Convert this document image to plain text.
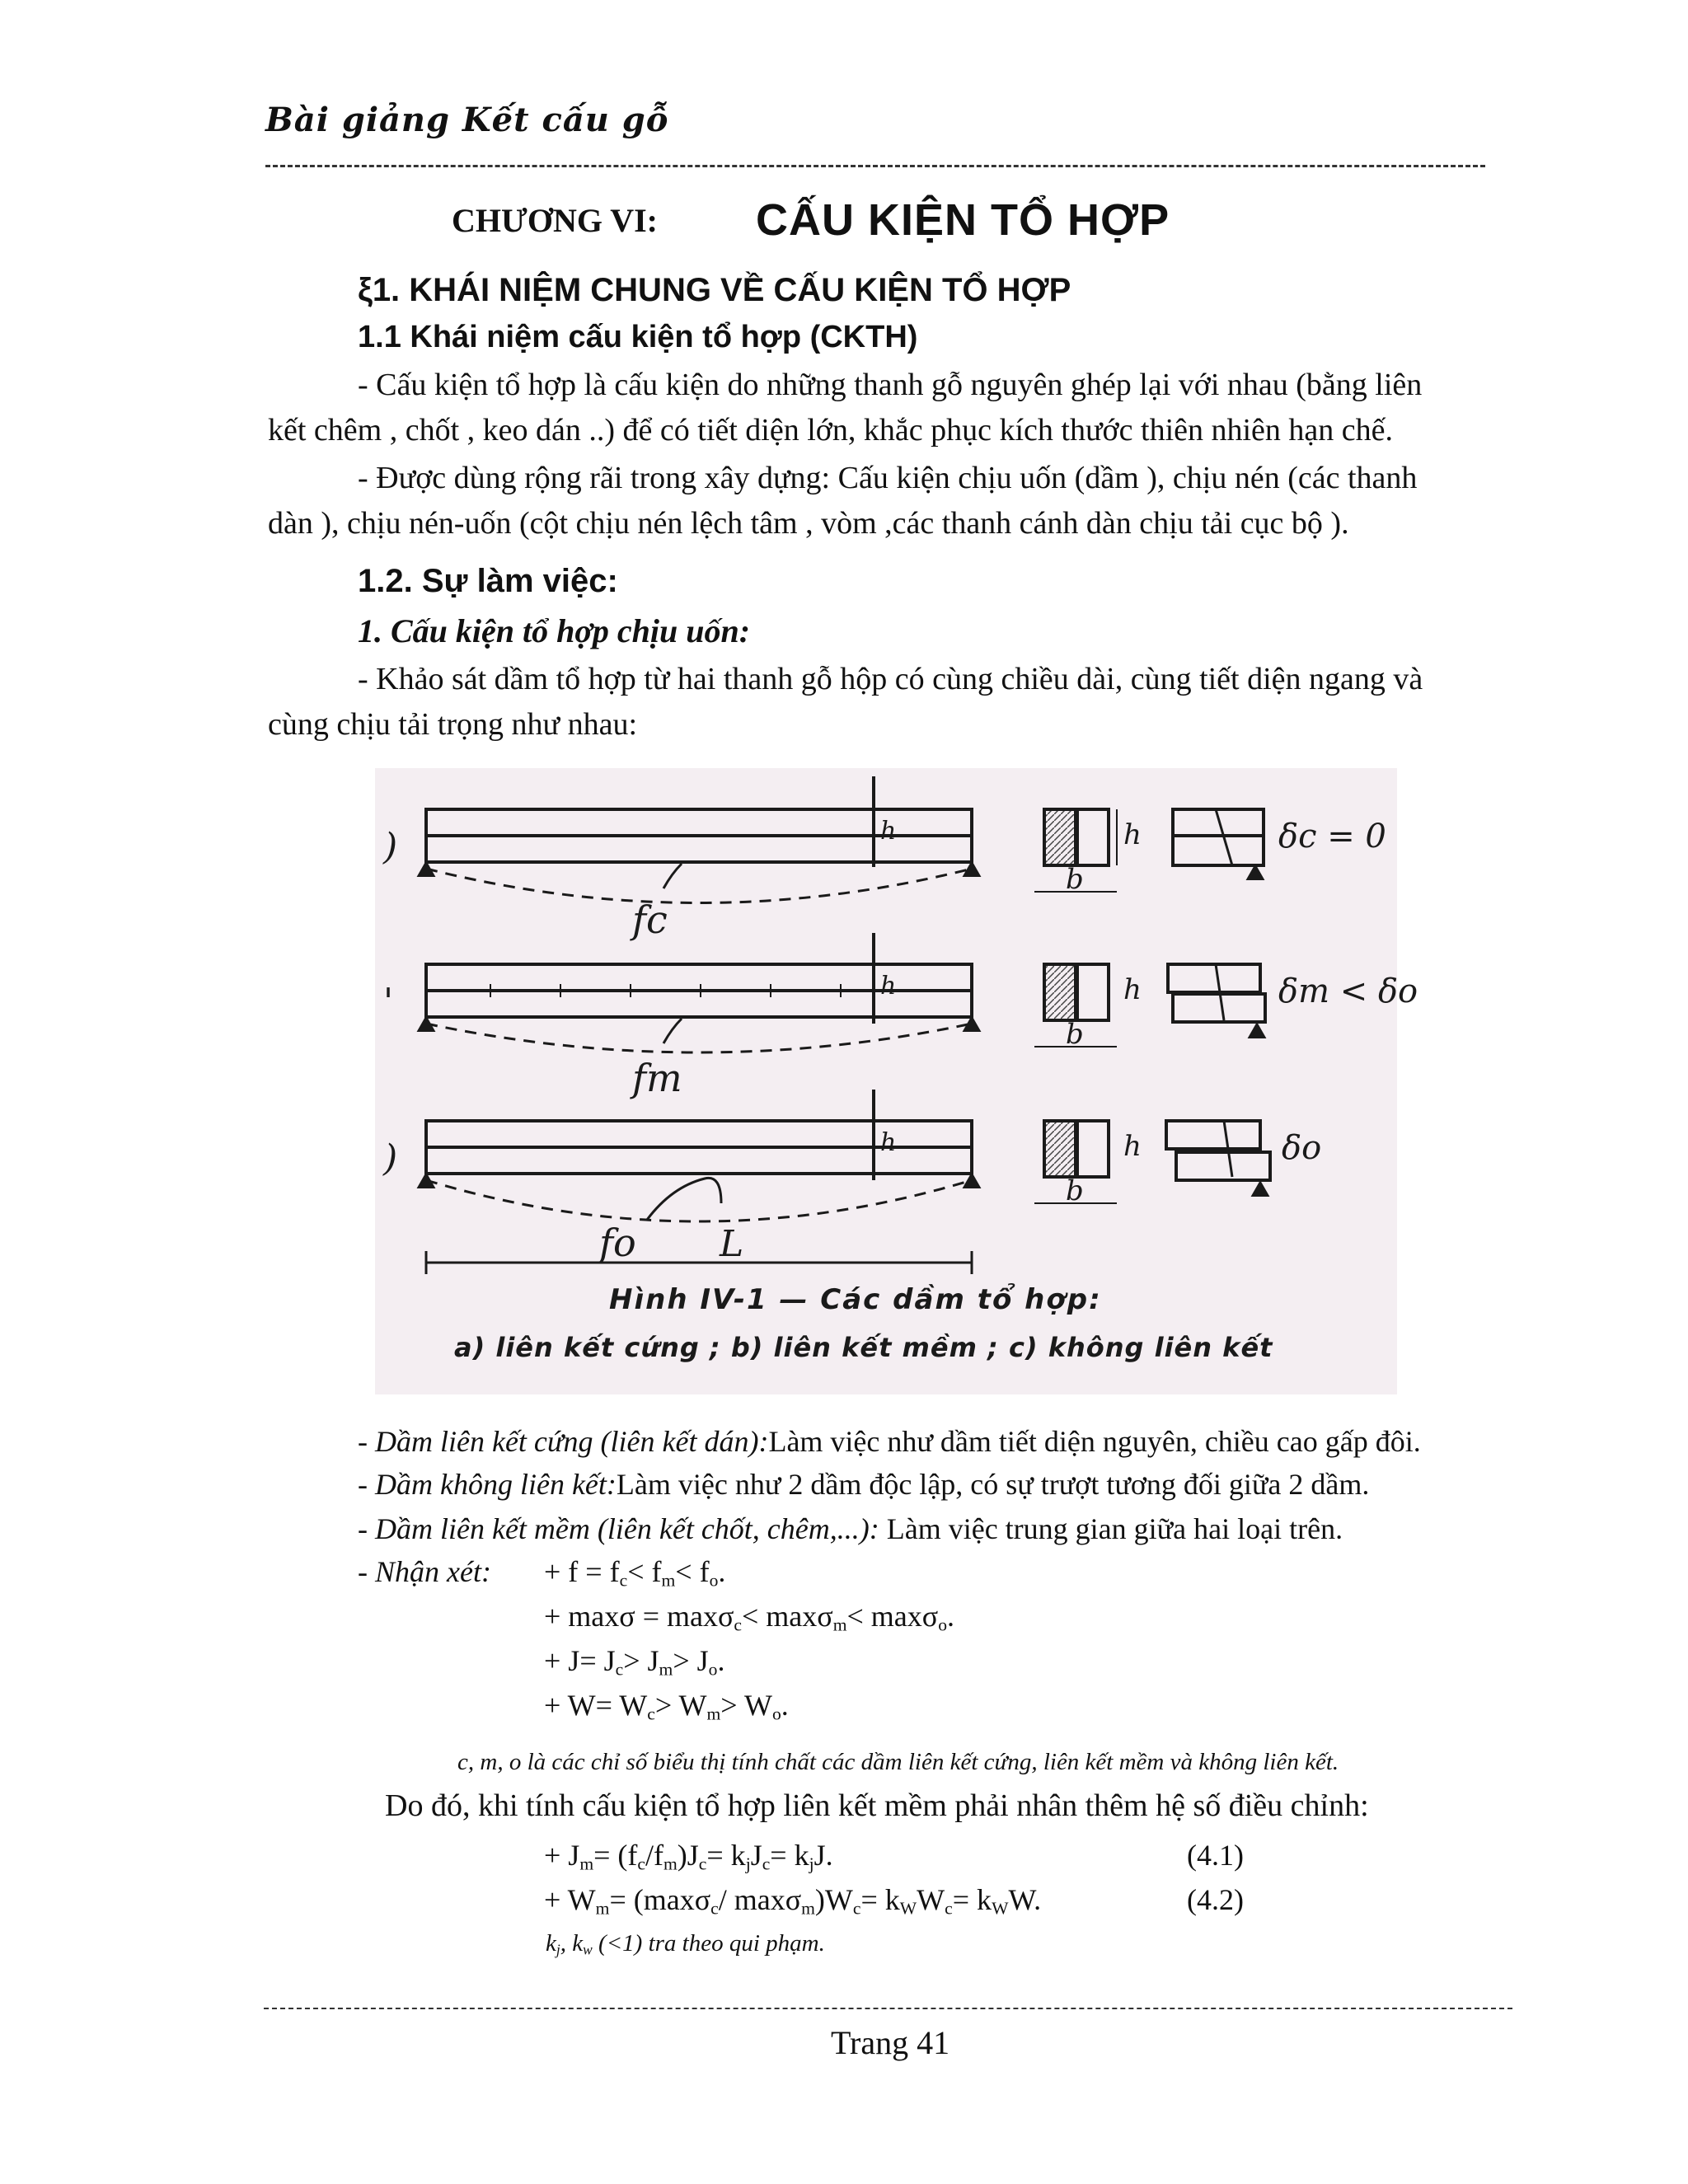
Bài giảng Kết cấu gỗ
CHƯƠNG VI: CẤU KIỆN TỔ HỢP
ξ1. KHÁI NIỆM CHUNG VỀ CẤU KIỆN TỔ HỢP
1.1 Khái niệm cấu kiện tổ hợp (CKTH)
- Cấu kiện tổ hợp là cấu kiện do những thanh gỗ nguyên ghép lại với nhau (bằng liên
kết chêm , chốt , keo dán ..) để có tiết diện lớn, khắc phục kích thước thiên nhiên hạn chế.
- Được dùng rộng rãi trong xây dựng: Cấu kiện chịu uốn (dầm ), chịu nén (các thanh
dàn ), chịu nén-uốn (cột chịu nén lệch tâm , vòm ,các thanh cánh dàn chịu tải cục bộ ).
1.2. Sự làm việc:
1. Cấu kiện tổ hợp chịu uốn:
- Khảo sát dầm tổ hợp từ hai thanh gỗ hộp có cùng chiều dài, cùng tiết diện ngang và
cùng chịu tải trọng như nhau:
)
'
)
fc
fm
fo L
h
h
h
h
h
h
b
b
b
δc = 0
δm < δo
δo
Hình IV-1 — Các dầm tổ hợp:
a) liên kết cứng ; b) liên kết mềm ; c) không liên kết
- Dầm liên kết cứng (liên kết dán):Làm việc như dầm tiết diện nguyên, chiều cao gấp đôi.
- Dầm không liên kết:Làm việc như 2 dầm độc lập, có sự trượt tương đối giữa 2 dầm.
- Dầm liên kết mềm (liên kết chốt, chêm,...): Làm việc trung gian giữa hai loại trên.
- Nhận xét: + $f = f_c< f_m< f_o$.
+ maxσ = maxσ$_c$< maxσ$_m$< maxσ$_o$.
+ $J= J_c> J_m> J_o$.
+ $W= W_c> W_m> W_o$.
c, m, o là các chỉ số biểu thị tính chất các dầm liên kết cứng, liên kết mềm và không liên kết.
Do đó, khi tính cấu kiện tổ hợp liên kết mềm phải nhân thêm hệ số điều chỉnh:
+ $J_m= (f_c/f_m)J_c= k_jJ_c= k_jJ$.	(4.1)
+ $W_m= (\max\sigma_c/$ $\max\sigma_m)W_c= k_WW_c= k_WW$.	(4.2)
$k_j$, $k_w$ (<1) tra theo qui phạm.
Trang 41
